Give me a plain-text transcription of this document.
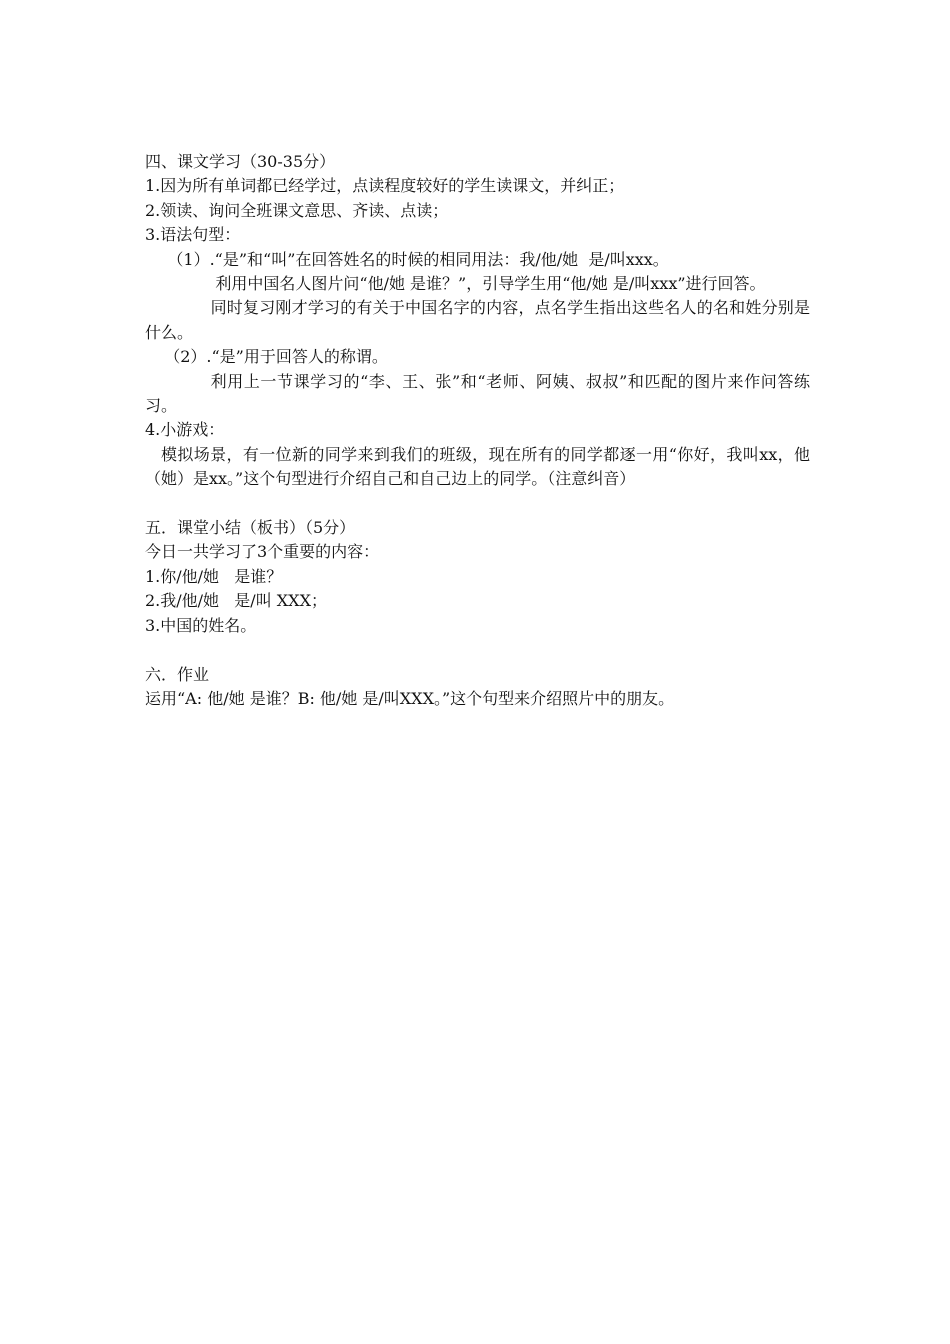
四、课文学习（30-35分）

1.因为所有单词都已经学过，点读程度较好的学生读课文，并纠正；

2.领读、询问全班课文意思、齐读、点读；

3.语法句型：

（1）.“是”和“叫”在回答姓名的时候的相同用法：我/他/她  是/叫xxx。

利用中国名人图片问“他/她 是谁？”，引导学生用“他/她 是/叫xxx”进行回答。

同时复习刚才学习的有关于中国名字的内容，点名学生指出这些名人的名和姓分别是什么。

（2）.“是”用于回答人的称谓。

利用上一节课学习的“李、王、张”和“老师、阿姨、叔叔”和匹配的图片来作问答练习。

4.小游戏：

模拟场景，有一位新的同学来到我们的班级，现在所有的同学都逐一用“你好，我叫xx，他（她）是xx。”这个句型进行介绍自己和自己边上的同学。（注意纠音）

五．课堂小结（板书）（5分）

今日一共学习了3个重要的内容：

1.你/他/她   是谁？

2.我/他/她   是/叫 XXX；

3.中国的姓名。

六．作业

运用“A: 他/她 是谁？B: 他/她 是/叫XXX。”这个句型来介绍照片中的朋友。
